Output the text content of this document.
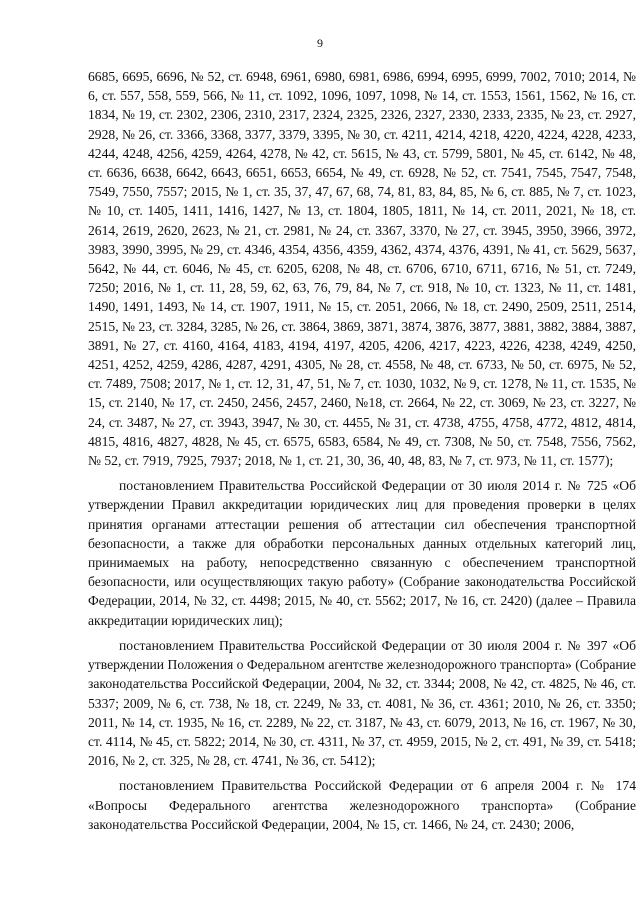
9

6685, 6695, 6696, № 52, ст. 6948, 6961, 6980, 6981, 6986, 6994, 6995, 6999, 7002, 7010; 2014, № 6, ст. 557, 558, 559, 566, № 11, ст. 1092, 1096, 1097, 1098, № 14, ст. 1553, 1561, 1562, № 16, ст. 1834, № 19, ст. 2302, 2306, 2310, 2317, 2324, 2325, 2326, 2327, 2330, 2333, 2335, № 23, ст. 2927, 2928, № 26, ст. 3366, 3368, 3377, 3379, 3395, № 30, ст. 4211, 4214, 4218, 4220, 4224, 4228, 4233, 4244, 4248, 4256, 4259, 4264, 4278, № 42, ст. 5615, № 43, ст. 5799, 5801, № 45, ст. 6142, № 48, ст. 6636, 6638, 6642, 6643, 6651, 6653, 6654, № 49, ст. 6928, № 52, ст. 7541, 7545, 7547, 7548, 7549, 7550, 7557; 2015, № 1, ст. 35, 37, 47, 67, 68, 74, 81, 83, 84, 85, № 6, ст. 885, № 7, ст. 1023, № 10, ст. 1405, 1411, 1416, 1427, № 13, ст. 1804, 1805, 1811, № 14, ст. 2011, 2021, № 18, ст. 2614, 2619, 2620, 2623, № 21, ст. 2981, № 24, ст. 3367, 3370, № 27, ст. 3945, 3950, 3966, 3972, 3983, 3990, 3995, № 29, ст. 4346, 4354, 4356, 4359, 4362, 4374, 4376, 4391, № 41, ст. 5629, 5637, 5642, № 44, ст. 6046, № 45, ст. 6205, 6208, № 48, ст. 6706, 6710, 6711, 6716, № 51, ст. 7249, 7250; 2016, № 1, ст. 11, 28, 59, 62, 63, 76, 79, 84, № 7, ст. 918, № 10, ст. 1323, № 11, ст. 1481, 1490, 1491, 1493, № 14, ст. 1907, 1911, № 15, ст. 2051, 2066, № 18, ст. 2490, 2509, 2511, 2514, 2515, № 23, ст. 3284, 3285, № 26, ст. 3864, 3869, 3871, 3874, 3876, 3877, 3881, 3882, 3884, 3887, 3891, № 27, ст. 4160, 4164, 4183, 4194, 4197, 4205, 4206, 4217, 4223, 4226, 4238, 4249, 4250, 4251, 4252, 4259, 4286, 4287, 4291, 4305, № 28, ст. 4558, № 48, ст. 6733, № 50, ст. 6975, № 52, ст. 7489, 7508; 2017, № 1, ст. 12, 31, 47, 51, № 7, ст. 1030, 1032, № 9, ст. 1278, № 11, ст. 1535, № 15, ст. 2140, № 17, ст. 2450, 2456, 2457, 2460, №18, ст. 2664, № 22, ст. 3069, № 23, ст. 3227, № 24, ст. 3487, № 27, ст. 3943, 3947, № 30, ст. 4455, № 31, ст. 4738, 4755, 4758, 4772, 4812, 4814, 4815, 4816, 4827, 4828, № 45, ст. 6575, 6583, 6584, № 49, ст. 7308, № 50, ст. 7548, 7556, 7562, № 52, ст. 7919, 7925, 7937; 2018, № 1, ст. 21, 30, 36, 40, 48, 83, № 7, ст. 973, № 11, ст. 1577);

постановлением Правительства Российской Федерации от 30 июля 2014 г. № 725 «Об утверждении Правил аккредитации юридических лиц для проведения проверки в целях принятия органами аттестации решения об аттестации сил обеспечения транспортной безопасности, а также для обработки персональных данных отдельных категорий лиц, принимаемых на работу, непосредственно связанную с обеспечением транспортной безопасности, или осуществляющих такую работу» (Собрание законодательства Российской Федерации, 2014, № 32, ст. 4498; 2015, № 40, ст. 5562; 2017, № 16, ст. 2420) (далее – Правила аккредитации юридических лиц);

постановлением Правительства Российской Федерации от 30 июля 2004 г. № 397 «Об утверждении Положения о Федеральном агентстве железнодорожного транспорта» (Собрание законодательства Российской Федерации, 2004, № 32, ст. 3344; 2008, № 42, ст. 4825, № 46, ст. 5337; 2009, № 6, ст. 738, № 18, ст. 2249, № 33, ст. 4081, № 36, ст. 4361; 2010, № 26, ст. 3350; 2011, № 14, ст. 1935, № 16, ст. 2289, № 22, ст. 3187, № 43, ст. 6079, 2013, № 16, ст. 1967, № 30, ст. 4114, № 45, ст. 5822; 2014, № 30, ст. 4311, № 37, ст. 4959, 2015, № 2, ст. 491, № 39, ст. 5418; 2016, № 2, ст. 325, № 28, ст. 4741, № 36, ст. 5412);

постановлением Правительства Российской Федерации от 6 апреля 2004 г. № 174 «Вопросы Федерального агентства железнодорожного транспорта» (Собрание законодательства Российской Федерации, 2004, № 15, ст. 1466, № 24, ст. 2430; 2006,
